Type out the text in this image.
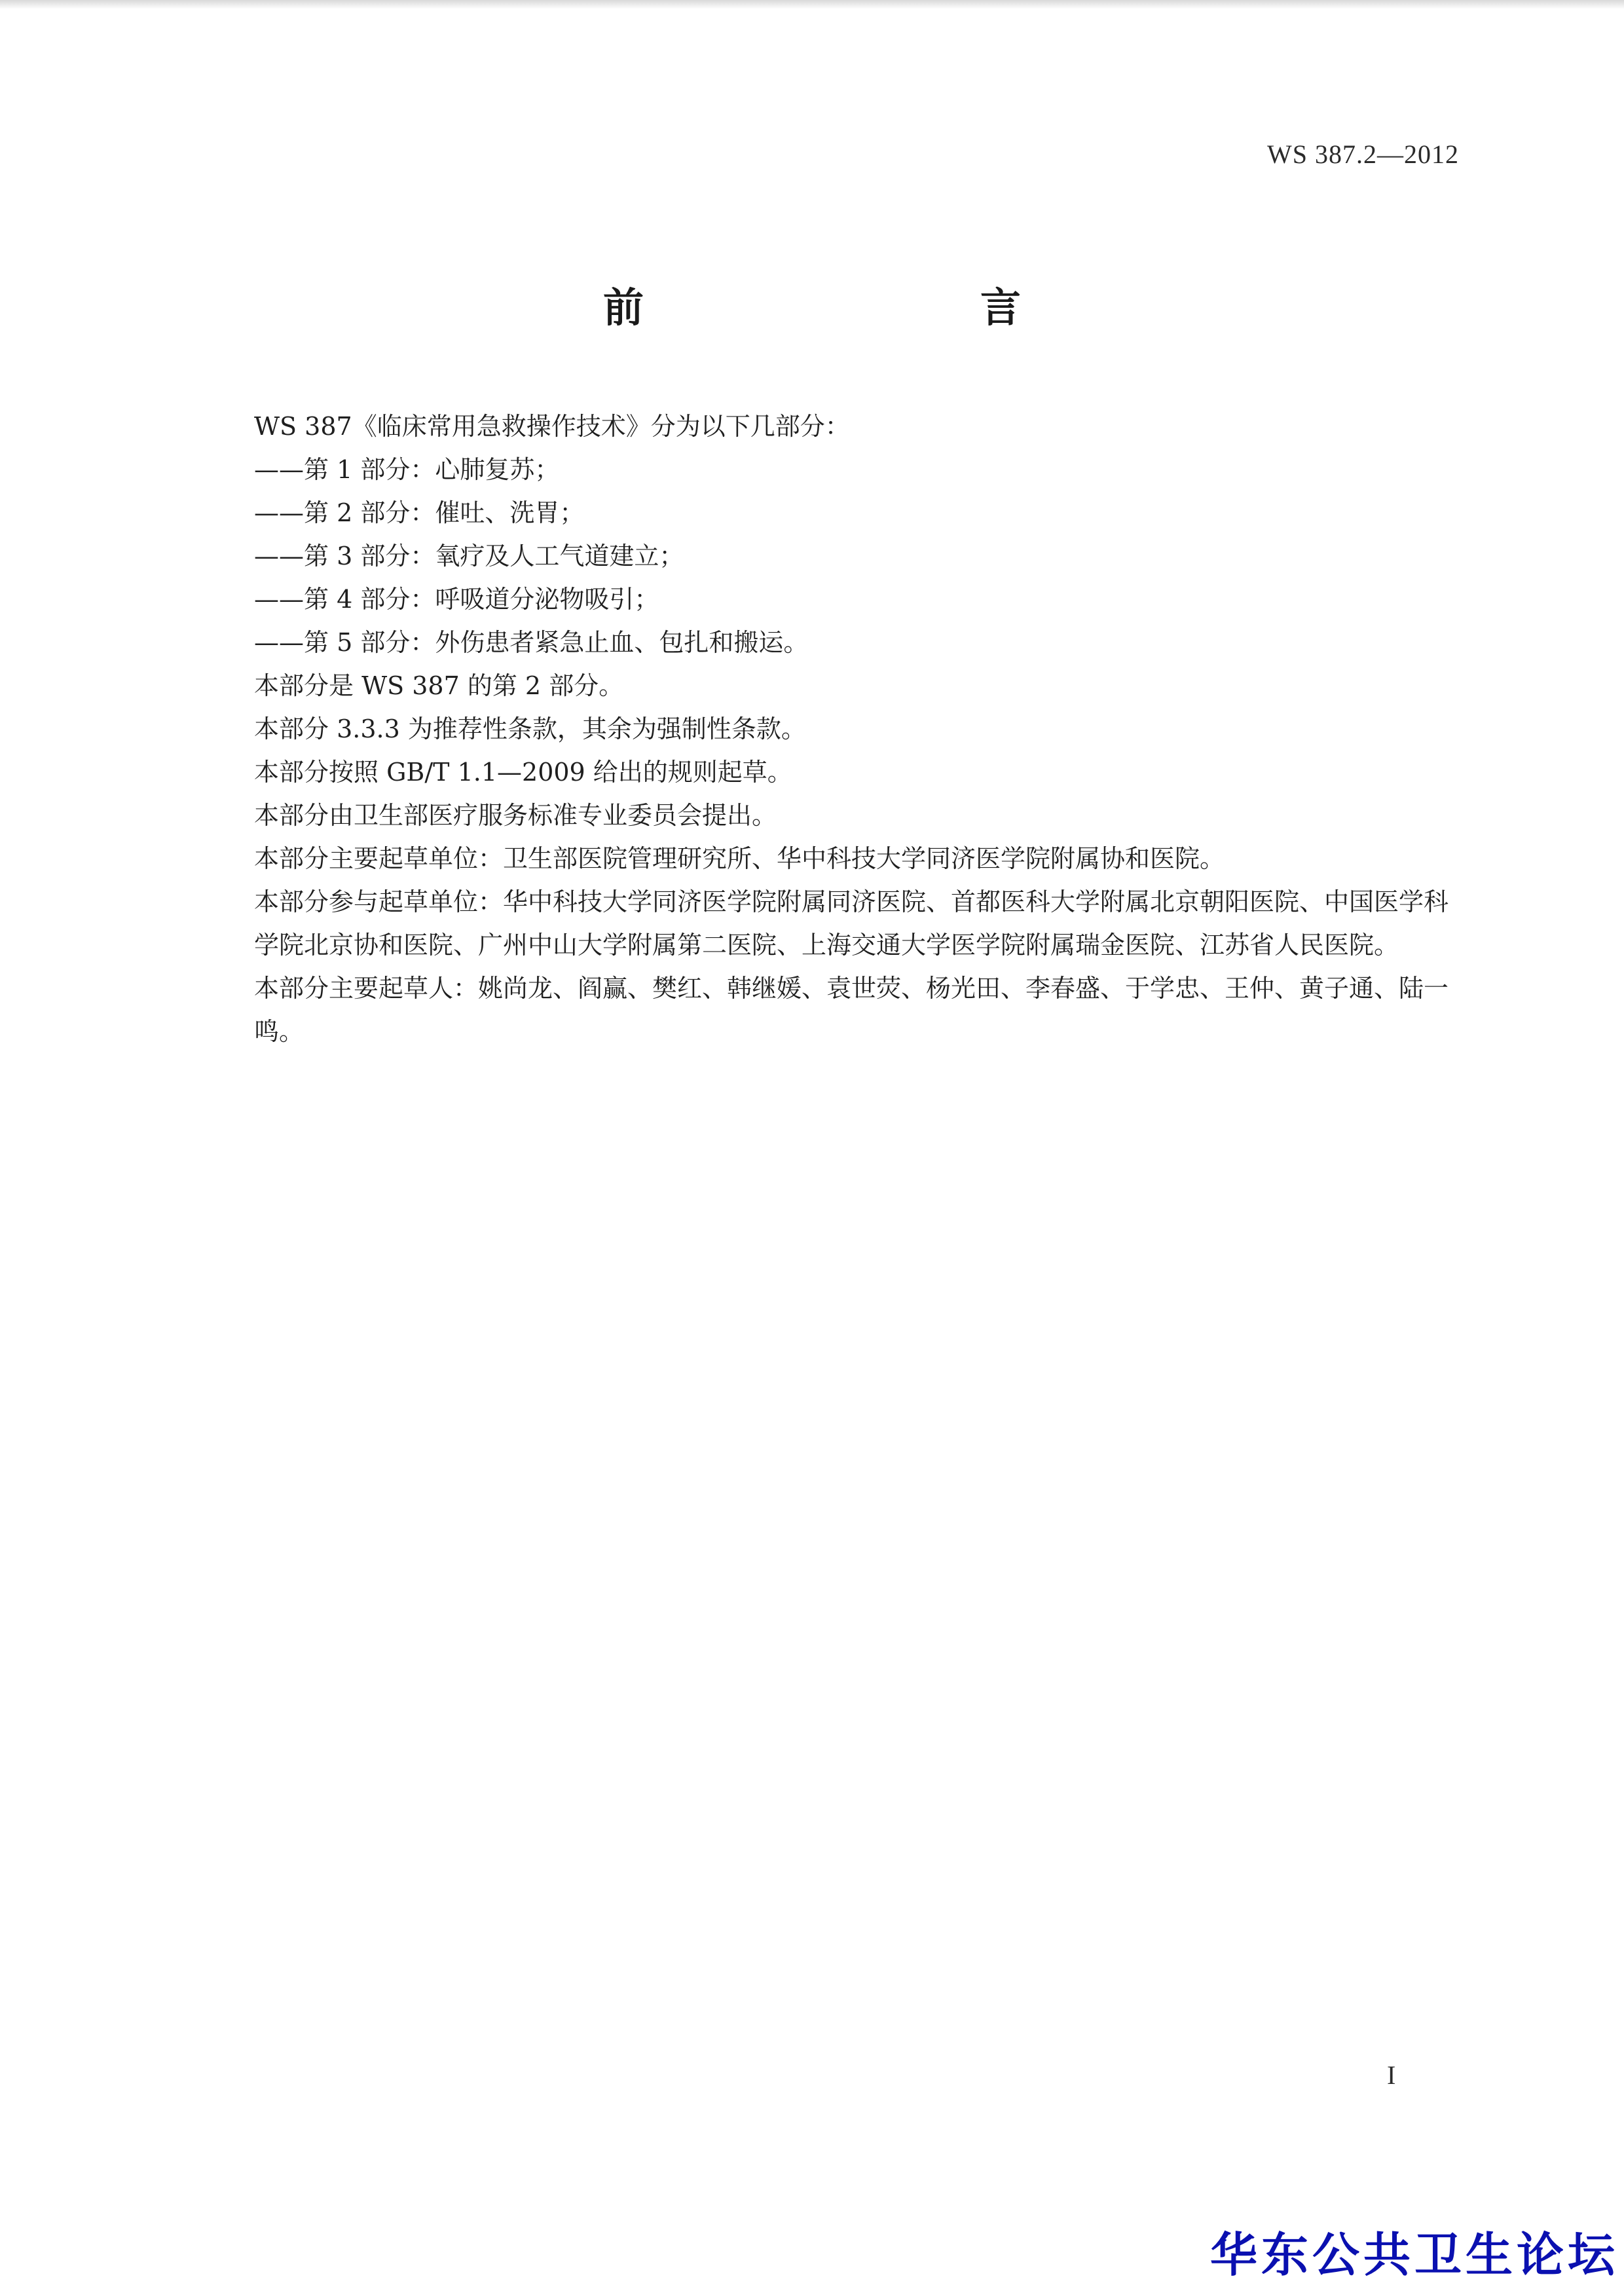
WS 387.2—2012
前　　言

WS 387《临床常用急救操作技术》分为以下几部分：

——第 1 部分：心肺复苏；

——第 2 部分：催吐、洗胃；

——第 3 部分：氧疗及人工气道建立；

——第 4 部分：呼吸道分泌物吸引；

——第 5 部分：外伤患者紧急止血、包扎和搬运。

本部分是 WS 387 的第 2 部分。

本部分 3.3.3 为推荐性条款，其余为强制性条款。

本部分按照 GB/T 1.1—2009 给出的规则起草。

本部分由卫生部医疗服务标准专业委员会提出。

本部分主要起草单位：卫生部医院管理研究所、华中科技大学同济医学院附属协和医院。

本部分参与起草单位：华中科技大学同济医学院附属同济医院、首都医科大学附属北京朝阳医院、中国医学科学院北京协和医院、广州中山大学附属第二医院、上海交通大学医学院附属瑞金医院、江苏省人民医院。

本部分主要起草人：姚尚龙、阎赢、樊红、韩继媛、袁世荧、杨光田、李春盛、于学忠、王仲、黄子通、陆一鸣。

I
华东公共卫生论坛
